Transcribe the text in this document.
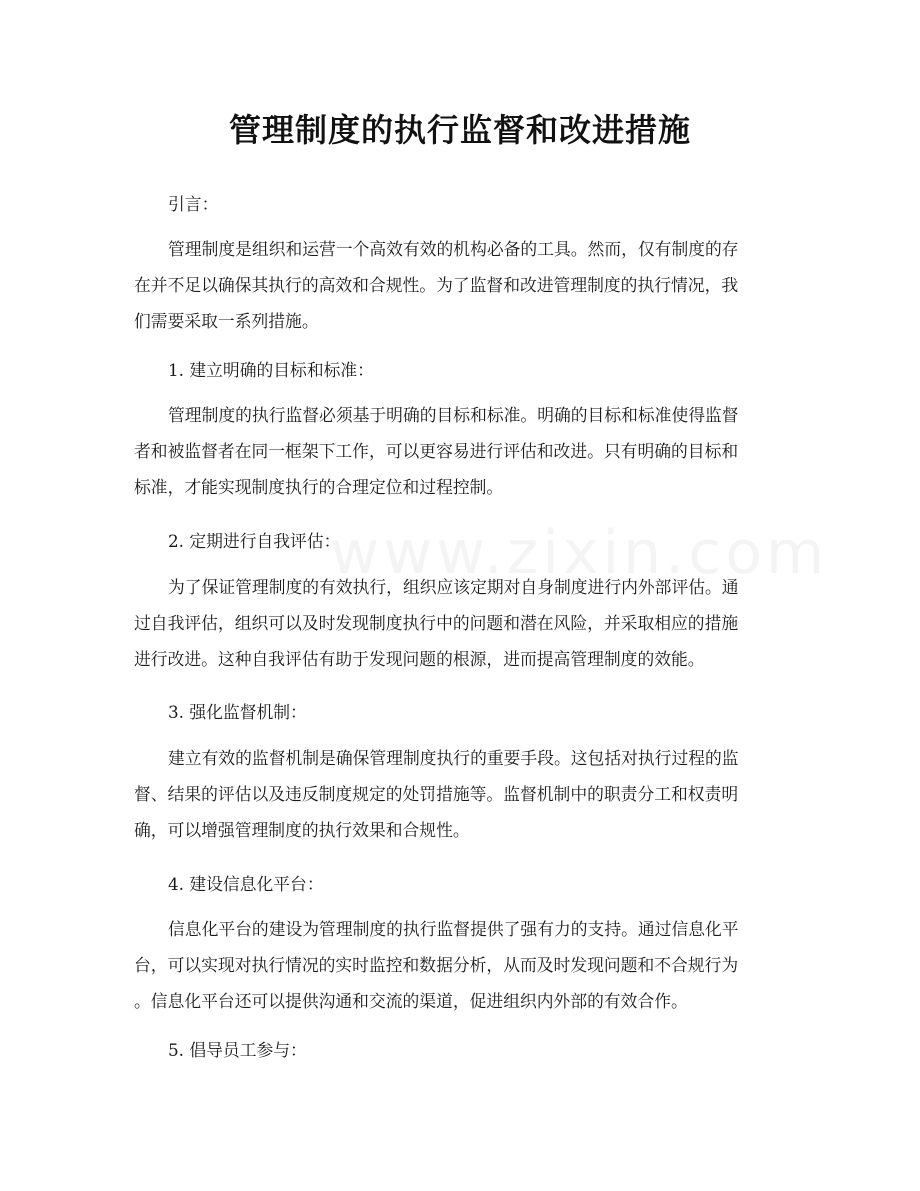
管理制度的执行监督和改进措施

引言：

管理制度是组织和运营一个高效有效的机构必备的工具。然而，仅有制度的存
在并不足以确保其执行的高效和合规性。为了监督和改进管理制度的执行情况，我
们需要采取一系列措施。

1. 建立明确的目标和标准：

管理制度的执行监督必须基于明确的目标和标准。明确的目标和标准使得监督
者和被监督者在同一框架下工作，可以更容易进行评估和改进。只有明确的目标和
标准，才能实现制度执行的合理定位和过程控制。

2. 定期进行自我评估：

为了保证管理制度的有效执行，组织应该定期对自身制度进行内外部评估。通
过自我评估，组织可以及时发现制度执行中的问题和潜在风险，并采取相应的措施
进行改进。这种自我评估有助于发现问题的根源，进而提高管理制度的效能。

3. 强化监督机制：

建立有效的监督机制是确保管理制度执行的重要手段。这包括对执行过程的监
督、结果的评估以及违反制度规定的处罚措施等。监督机制中的职责分工和权责明
确，可以增强管理制度的执行效果和合规性。

4. 建设信息化平台：

信息化平台的建设为管理制度的执行监督提供了强有力的支持。通过信息化平
台，可以实现对执行情况的实时监控和数据分析，从而及时发现问题和不合规行为
。信息化平台还可以提供沟通和交流的渠道，促进组织内外部的有效合作。

5. 倡导员工参与：
